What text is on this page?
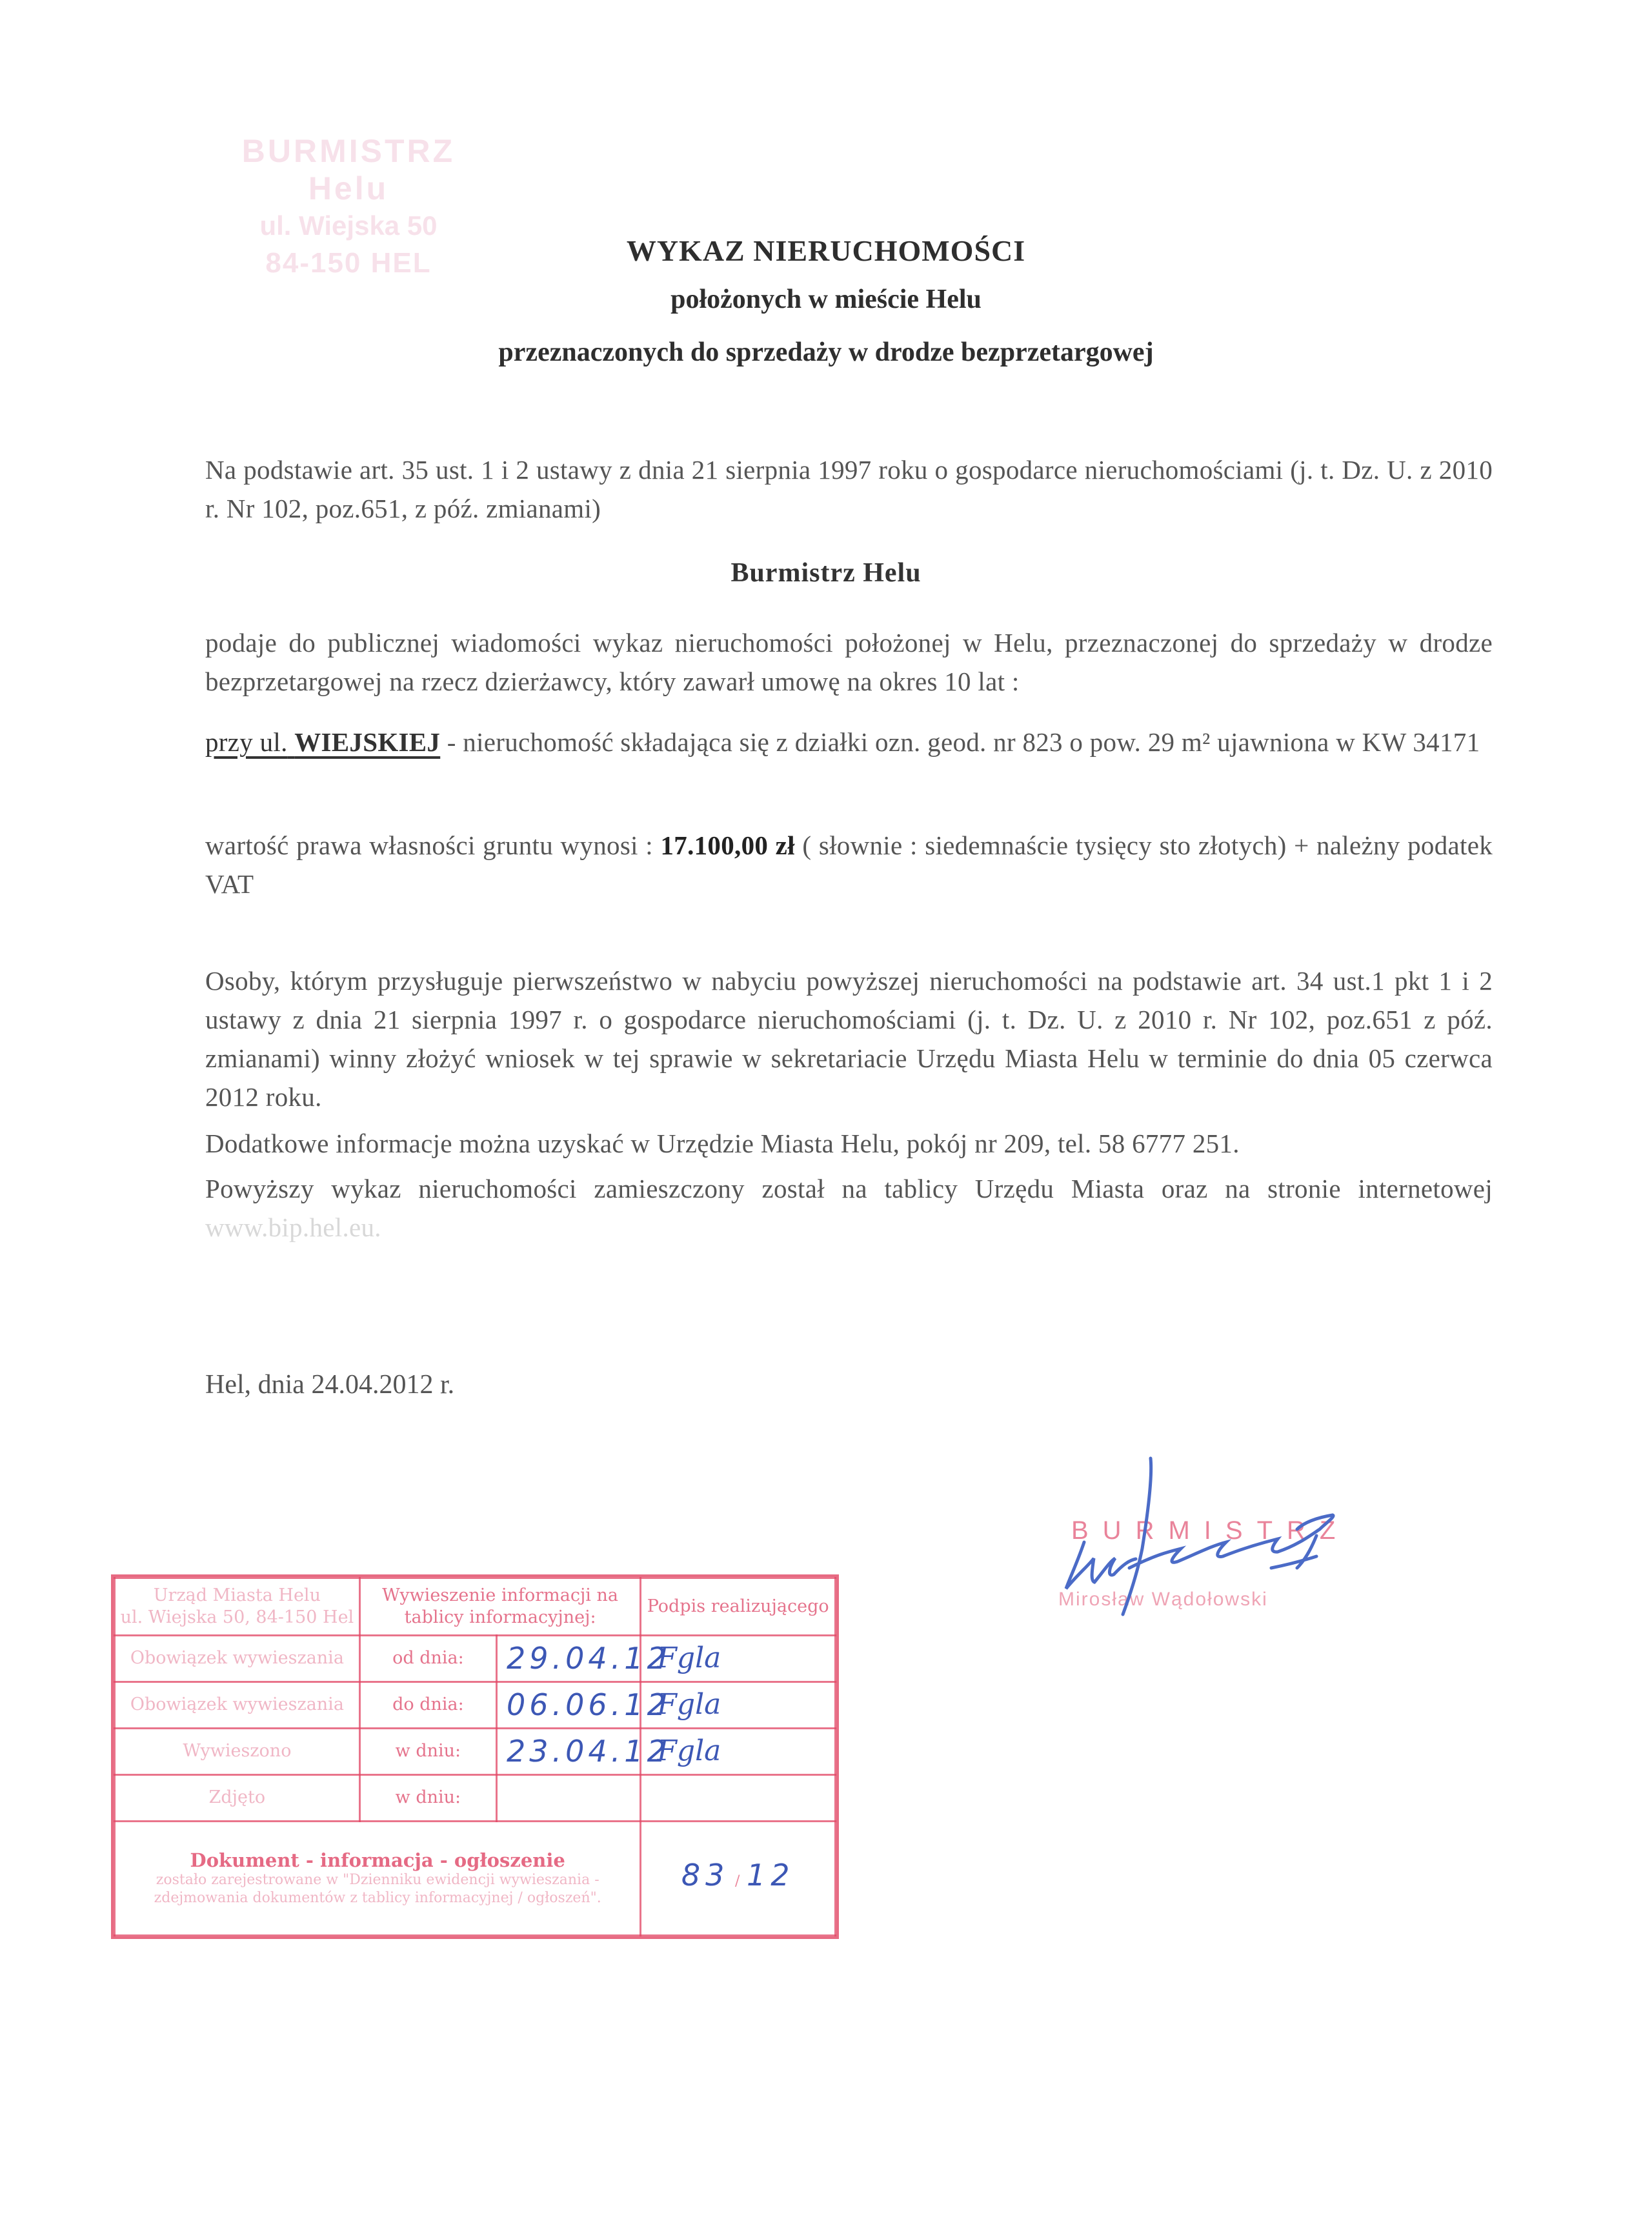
BURMISTRZ Helu
ul. Wiejska 50
84-150 HEL	WYKAZ NIERUCHOMOŚCI
położonych w mieście Helu
przeznaczonych do sprzedaży w drodze bezprzetargowej
Na podstawie art. 35 ust. 1 i 2 ustawy z dnia 21 sierpnia 1997 roku o gospodarce nieruchomościami (j. t. Dz. U. z 2010 r. Nr 102, poz.651, z póź. zmianami)
Burmistrz Helu
podaje do publicznej wiadomości wykaz nieruchomości położonej w Helu, przeznaczonej do sprzedaży w drodze bezprzetargowej na rzecz dzierżawcy, który zawarł umowę na okres 10 lat :
przy ul. WIEJSKIEJ - nieruchomość składająca się z działki ozn. geod. nr 823 o pow. 29 m² ujawniona w KW 34171
wartość prawa własności gruntu wynosi : 17.100,00 zł ( słownie : siedemnaście tysięcy sto złotych) + należny podatek VAT
Osoby, którym przysługuje pierwszeństwo w nabyciu powyższej nieruchomości na podstawie art. 34 ust.1 pkt 1 i 2 ustawy z dnia 21 sierpnia 1997 r. o gospodarce nieruchomościami (j. t. Dz. U. z 2010 r. Nr 102, poz.651 z póź. zmianami) winny złożyć wniosek w tej sprawie w sekretariacie Urzędu Miasta Helu w terminie do dnia 05 czerwca 2012 roku.
Dodatkowe informacje można uzyskać w Urzędzie Miasta Helu, pokój nr 209, tel. 58 6777 251.
Powyższy wykaz nieruchomości zamieszczony został na tablicy Urzędu Miasta oraz na stronie internetowej www.bip.hel.eu.
Hel, dnia 24.04.2012 r.
BURMISTRZ
Mirosław Wądołowski
Urząd Miasta Helu
ul. Wiejska 50, 84-150 Hel	Wywieszenie informacji na tablicy informacyjnej:		Podpis realizującego
Obowiązek wywieszania	od dnia:	29.04.12	Fgla
Obowiązek wywieszania	do dnia:	06.06.12	Fgla
Wywieszono	w dniu:	23.04.12	Fgla
Zdjęto	w dniu:		

Dokument - informacja - ogłoszenie
zostało zarejestrowane w "Dzienniku ewidencji wywieszania - zdejmowania dokumentów z tablicy informacyjnej / ogłoszeń".			83 / 12
